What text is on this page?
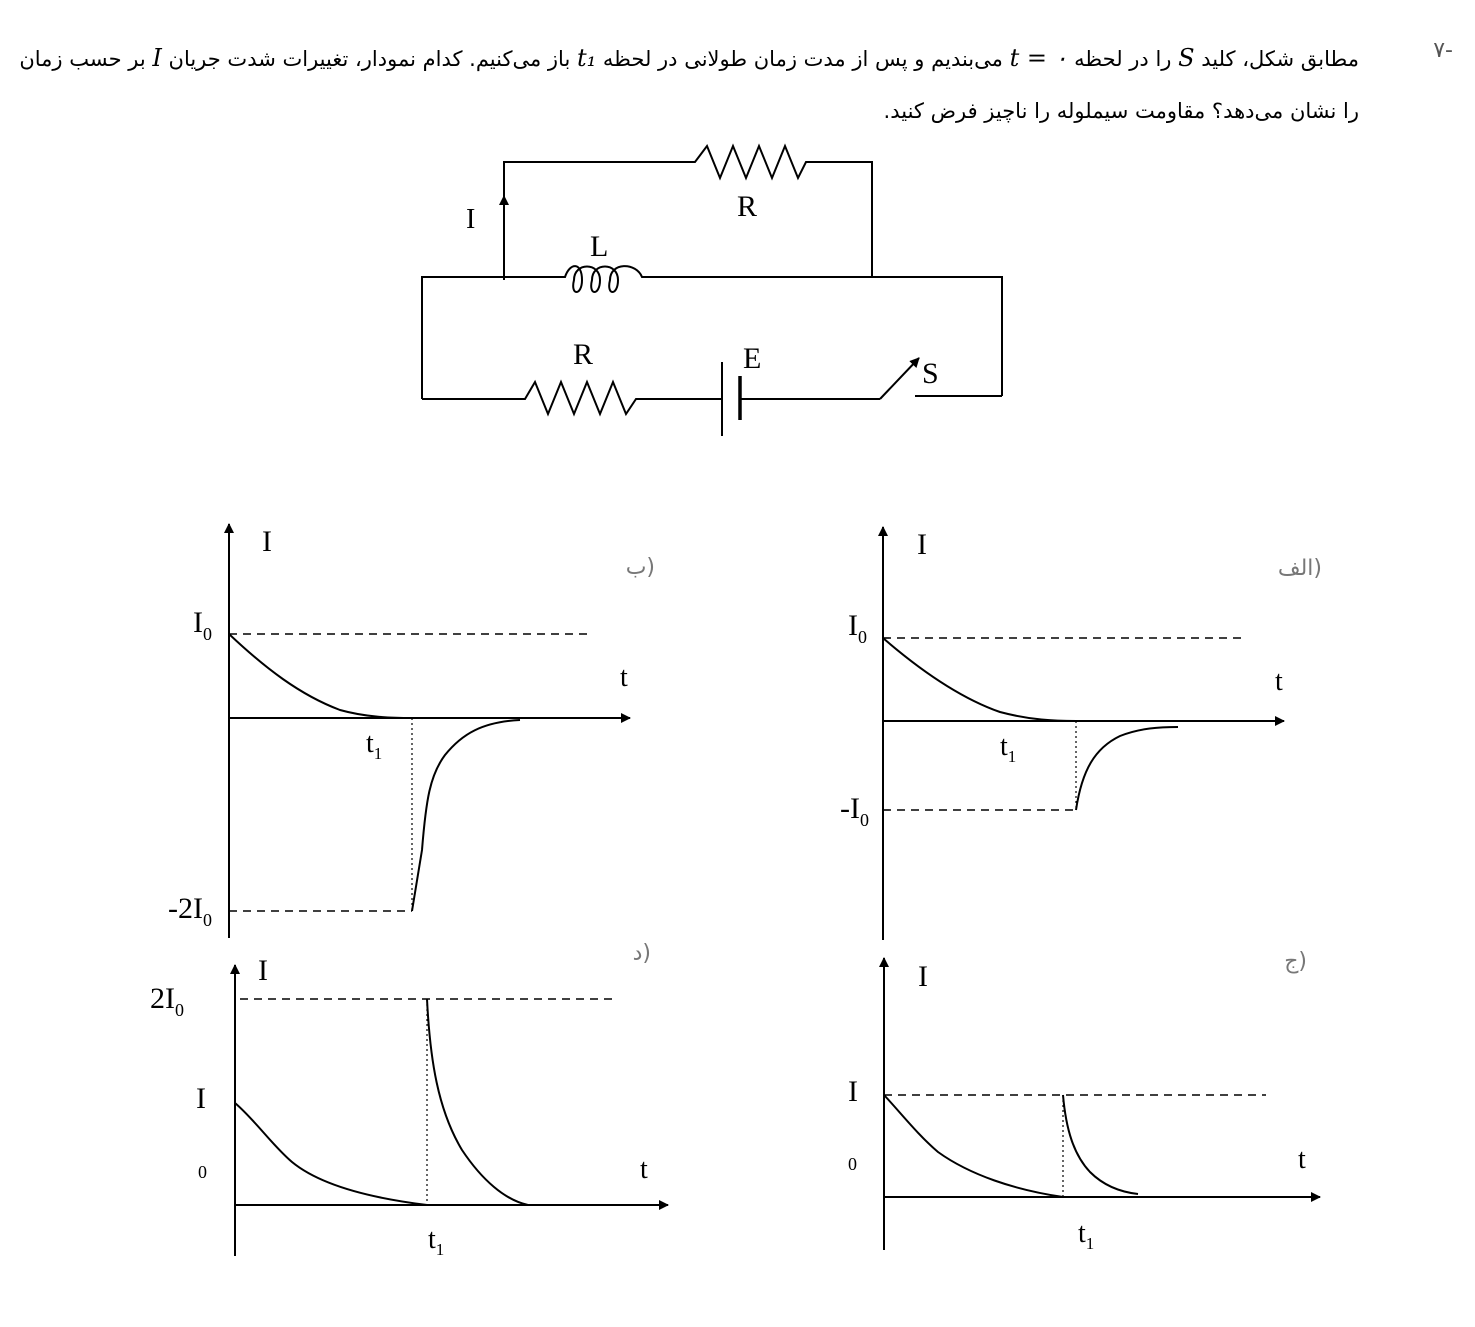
-۷
مطابق شکل، کلید S را در لحظه t = ۰ می‌بندیم و پس از مدت زمان طولانی در لحظه t₁ باز می‌کنیم. کدام نمودار، تغییرات شدت جریان I بر حسب زمان را نشان می‌دهد؟ مقاومت سیملوله را ناچیز فرض کنید.
I	R
L
R	E	S
ب)
I
t
$I_0$
$-2I_0$
$t_1$
الف)
I
t
$I_0$
$-I_0$
$t_1$
د)
I
t
$2I_0$
I
0
$t_1$
ج)
I
t
I
0
$t_1$
